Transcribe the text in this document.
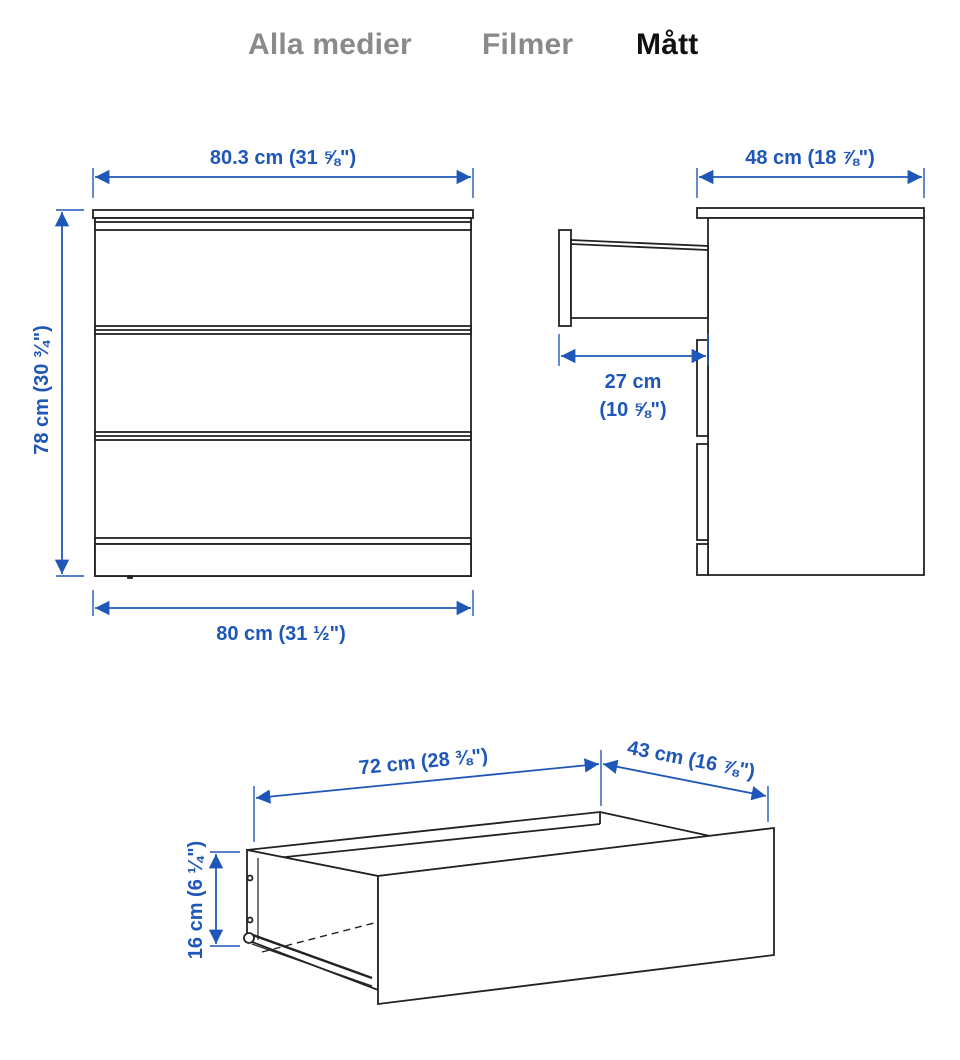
Alla medier Filmer Mått
80.3 cm (31 ⅝")
80 cm (31 ½")
78 cm (30 ¾")
48 cm (18 ⅞")
27 cm
(10 ⅝")
72 cm (28 ⅜")	43 cm (16 ⅞")
16 cm (6 ¼")
